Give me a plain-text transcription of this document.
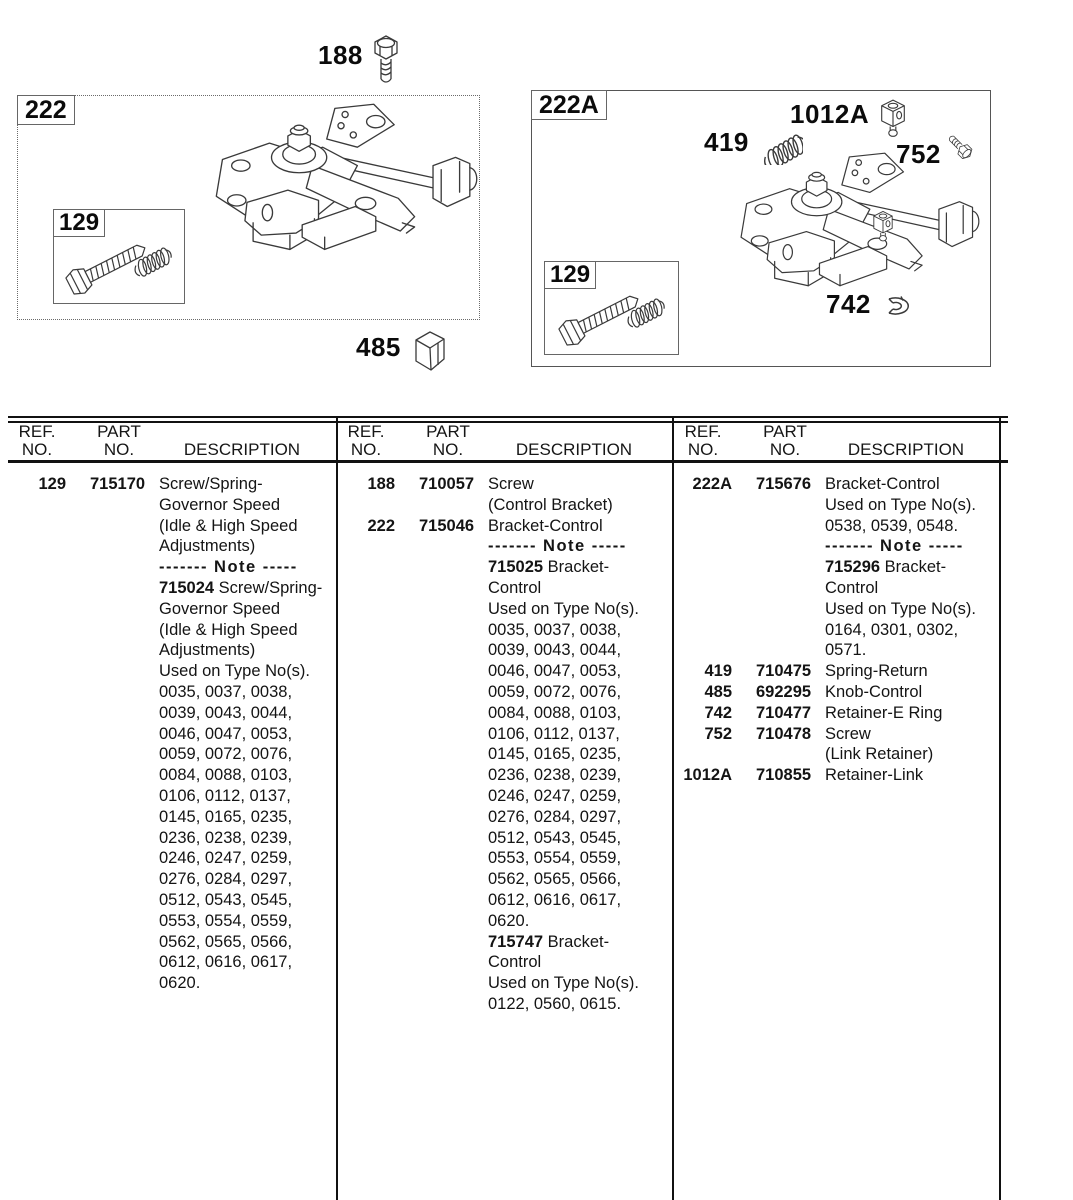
188
222
129
485
222A	1012A
419	752
129
742
REF.
NO.
PART
NO.	DESCRIPTION
REF.
NO.
PART
NO.	DESCRIPTION
REF.
NO.
PART
NO.	DESCRIPTION
129 715170 Screw/Spring-
Governor Speed
(Idle & High Speed
Adjustments)
------- Note -----
715024 Screw/Spring-
Governor Speed
(Idle & High Speed
Adjustments)
Used on Type No(s).
0035, 0037, 0038,
0039, 0043, 0044,
0046, 0047, 0053,
0059, 0072, 0076,
0084, 0088, 0103,
0106, 0112, 0137,
0145, 0165, 0235,
0236, 0238, 0239,
0246, 0247, 0259,
0276, 0284, 0297,
0512, 0543, 0545,
0553, 0554, 0559,
0562, 0565, 0566,
0612, 0616, 0617,
0620.
188 710057 Screw
(Control Bracket)
222 715046 Bracket-Control
------- Note -----
715025 Bracket-
Control
Used on Type No(s).
0035, 0037, 0038,
0039, 0043, 0044,
0046, 0047, 0053,
0059, 0072, 0076,
0084, 0088, 0103,
0106, 0112, 0137,
0145, 0165, 0235,
0236, 0238, 0239,
0246, 0247, 0259,
0276, 0284, 0297,
0512, 0543, 0545,
0553, 0554, 0559,
0562, 0565, 0566,
0612, 0616, 0617,
0620.
715747 Bracket-
Control
Used on Type No(s).
0122, 0560, 0615.
222A 715676 Bracket-Control
Used on Type No(s).
0538, 0539, 0548.
------- Note -----
715296 Bracket-
Control
Used on Type No(s).
0164, 0301, 0302,
0571.
419 710475 Spring-Return
485 692295 Knob-Control
742 710477 Retainer-E Ring
752 710478 Screw
(Link Retainer)
1012A 710855 Retainer-Link
